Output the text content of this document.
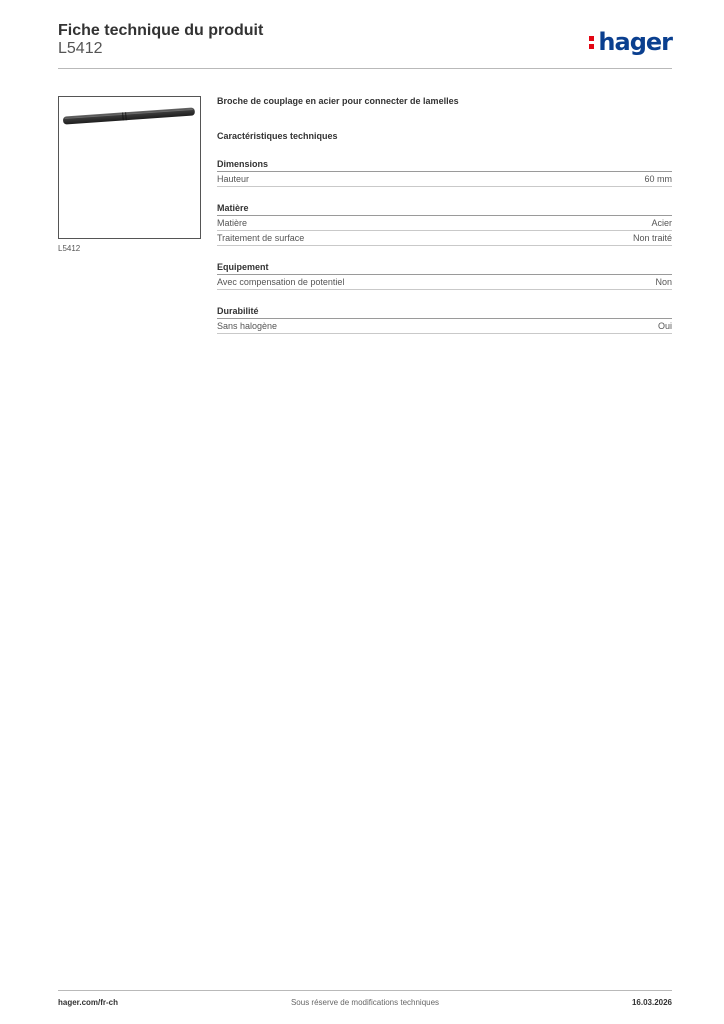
Fiche technique du produit
L5412	hager
L5412
Broche de couplage en acier pour connecter de lamelles
Caractéristiques techniques
Dimensions
Hauteur	60 mm
Matière
Matière	Acier
Traitement de surface	Non traité
Equipement
Avec compensation de potentiel	Non
Durabilité
Sans halogène	Oui
hager.com/fr-ch	Sous réserve de modifications techniques	16.03.2026
